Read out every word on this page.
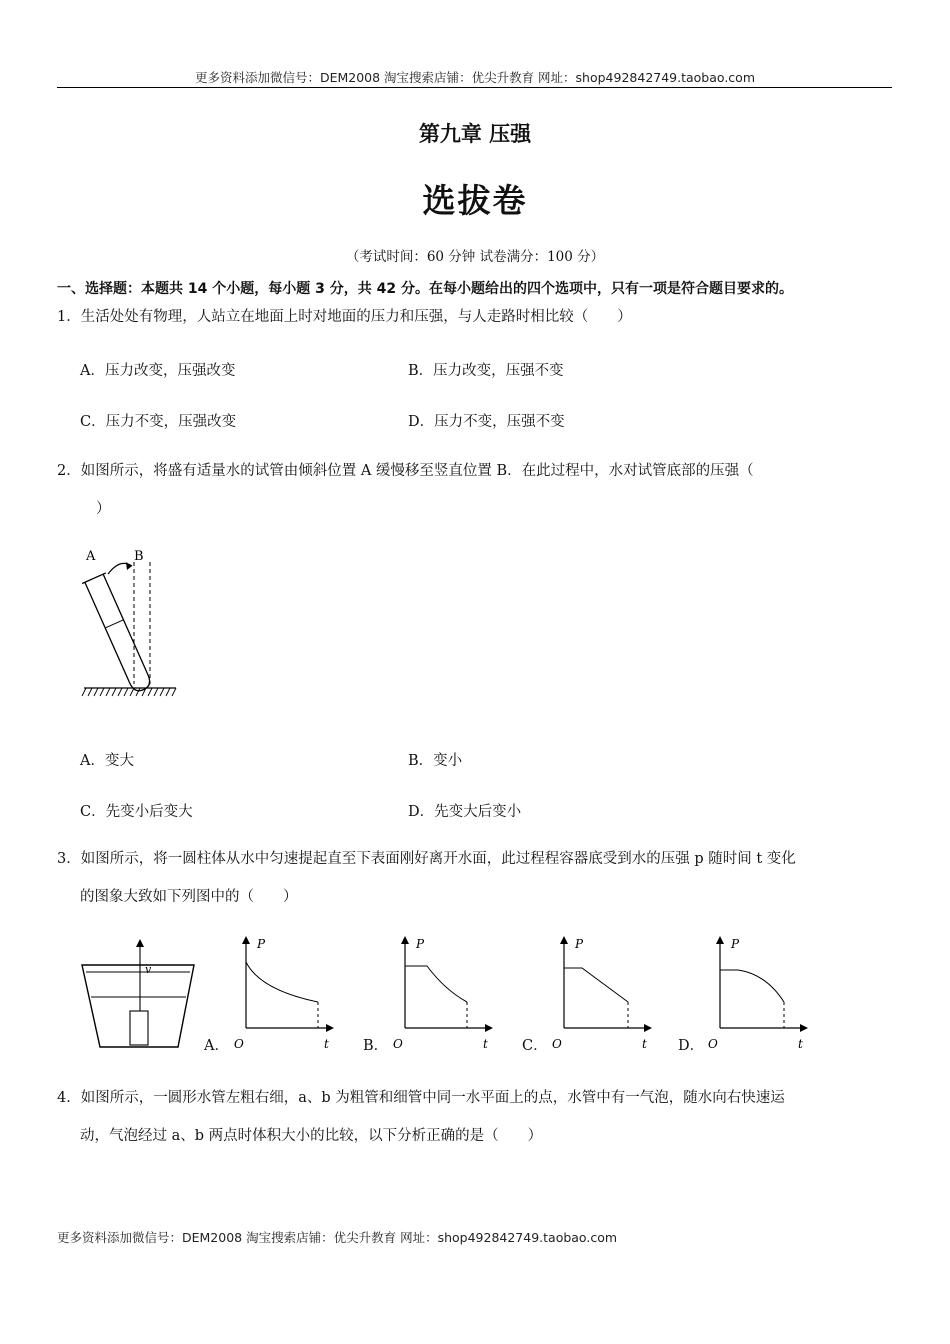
更多资料添加微信号：DEM2008 淘宝搜索店铺：优尖升教育 网址：shop492842749.taobao.com
第九章 压强
选拔卷
（考试时间：60 分钟 试卷满分：100 分）
一、选择题：本题共 14 个小题，每小题 3 分，共 42 分。在每小题给出的四个选项中，只有一项是符合题目要求的。
1．生活处处有物理，人站立在地面上时对地面的压力和压强，与人走路时相比较（　　）
A．压力改变，压强改变	B．压力改变，压强不变
C．压力不变，压强改变	D．压力不变，压强不变
2．如图所示，将盛有适量水的试管由倾斜位置 A 缓慢移至竖直位置 B．在此过程中，水对试管底部的压强（
）
A	B
A．变大	B．变小
C．先变小后变大	D．先变大后变小
3．如图所示，将一圆柱体从水中匀速提起直至下表面刚好离开水面，此过程程容器底受到水的压强 p 随时间 t 变化
的图象大致如下列图中的（　　）
v
A．	B．	C．	D．
P
O	t
P
O	t
P
O	t
P
O	t
4．如图所示，一圆形水管左粗右细，a、b 为粗管和细管中同一水平面上的点，水管中有一气泡，随水向右快速运
动，气泡经过 a、b 两点时体积大小的比较，以下分析正确的是（　　）
更多资料添加微信号：DEM2008 淘宝搜索店铺：优尖升教育 网址：shop492842749.taobao.com
